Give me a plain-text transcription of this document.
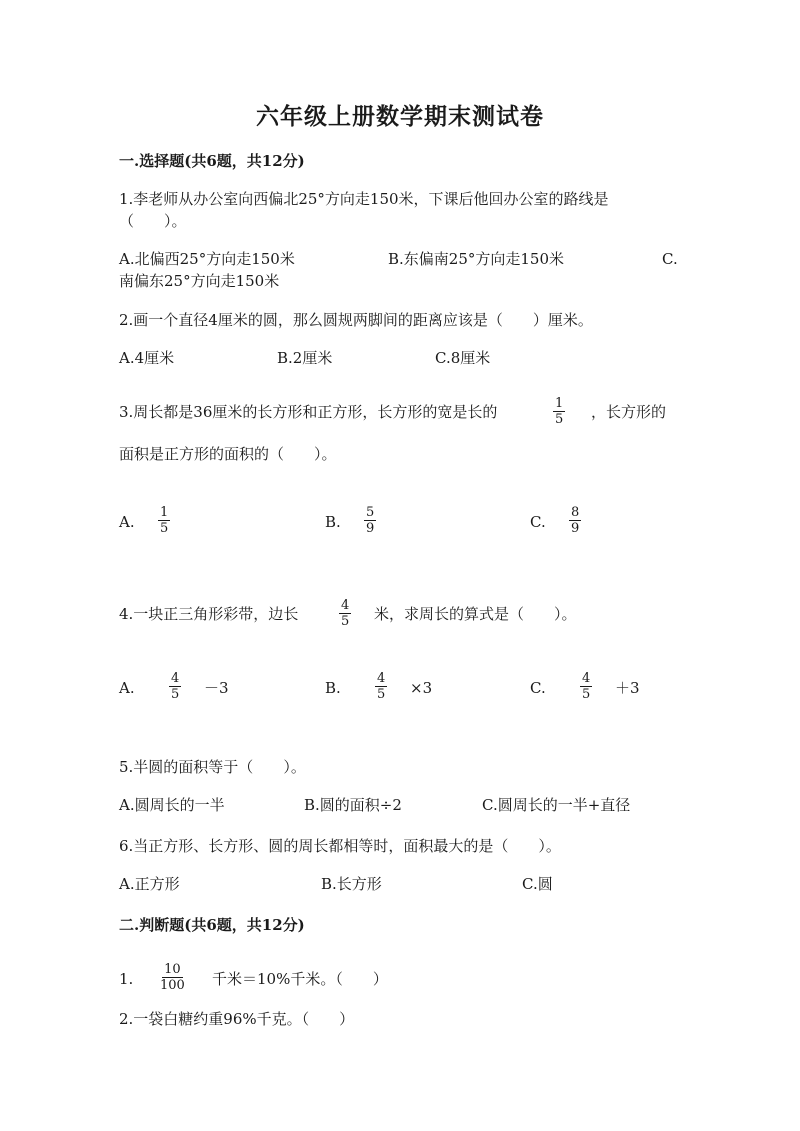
六年级上册数学期末测试卷
一.选择题(共6题，共12分)
1.李老师从办公室向西偏北25°方向走150米，下课后他回办公室的路线是
（　　）。
A.北偏西25°方向走150米	B.东偏南25°方向走150米	C.
南偏东25°方向走150米
2.画一个直径4厘米的圆，那么圆规两脚间的距离应该是（　　）厘米。
A.4厘米	B.2厘米	C.8厘米
3.周长都是36厘米的长方形和正方形，长方形的宽是长的	$\frac{1}{5}$ ，长方形的
面积是正方形的面积的（　　）。
A. $\frac{1}{5}$	B. $\frac{5}{9}$	C. $\frac{8}{9}$
4.一块正三角形彩带，边长	$\frac{4}{5}$ 米，求周长的算式是（　　）。
A.	$\frac{4}{5} -3$	B.	$\frac{4}{5} \times 3$	C.	$\frac{4}{5} +3$
5.半圆的面积等于（　　）。
A.圆周长的一半	B.圆的面积÷2	C.圆周长的一半+直径
6.当正方形、长方形、圆的周长都相等时，面积最大的是（　　）。
A.正方形	B.长方形	C.圆
二.判断题(共6题，共12分)
1. $\frac{10}{100}$ 千米＝10%千米。（　　）
2.一袋白糖约重96%千克。（　　）
